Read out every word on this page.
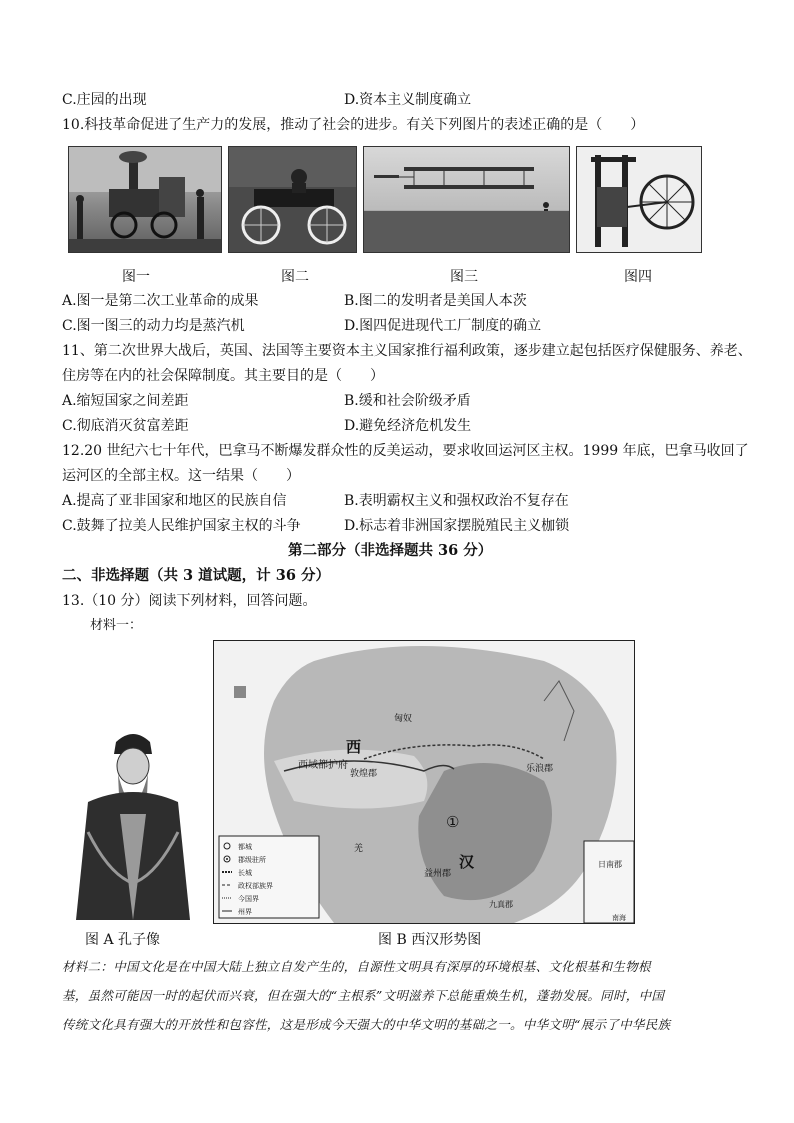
C.庄园的出现	D.资本主义制度确立
10.科技革命促进了生产力的发展，推动了社会的进步。有关下列图片的表述正确的是（　　）
图一	图二	图三	图四
A.图一是第二次工业革命的成果	B.图二的发明者是美国人本茨
C.图一图三的动力均是蒸汽机	D.图四促进现代工厂制度的确立
11、第二次世界大战后，英国、法国等主要资本主义国家推行福利政策，逐步建立起包括医疗保健服务、养老、
住房等在内的社会保障制度。其主要目的是（　　）
A.缩短国家之间差距	B.缓和社会阶级矛盾
C.彻底消灭贫富差距	D.避免经济危机发生
12.20 世纪六七十年代，巴拿马不断爆发群众性的反美运动，要求收回运河区主权。1999 年底，巴拿马收回了
运河区的全部主权。这一结果（　　）
A.提高了亚非国家和地区的民族自信	B.表明霸权主义和强权政治不复存在
C.鼓舞了拉美人民维护国家主权的斗争	D.标志着非洲国家摆脱殖民主义枷锁
第二部分（非选择题共 36 分）
二、非选择题（共 3 道试题，计 36 分）
13.（10 分）阅读下列材料，回答问题。
材料一：
西
汉
①
西域都护府
敦煌郡	乐浪郡
益州郡
日南郡
九真郡
羌
匈奴
南海
都城
郡级驻所
长城
政权部族界
今国界
州界
图 A 孔子像	图 B 西汉形势图
材料二：中国文化是在中国大陆上独立自发产生的，自源性文明具有深厚的环境根基、文化根基和生物根
基，虽然可能因一时的起伏而兴衰，但在强大的“主根系”文明滋养下总能重焕生机，蓬勃发展。同时，中国
传统文化具有强大的开放性和包容性，这是形成今天强大的中华文明的基础之一。中华文明“展示了中华民族
